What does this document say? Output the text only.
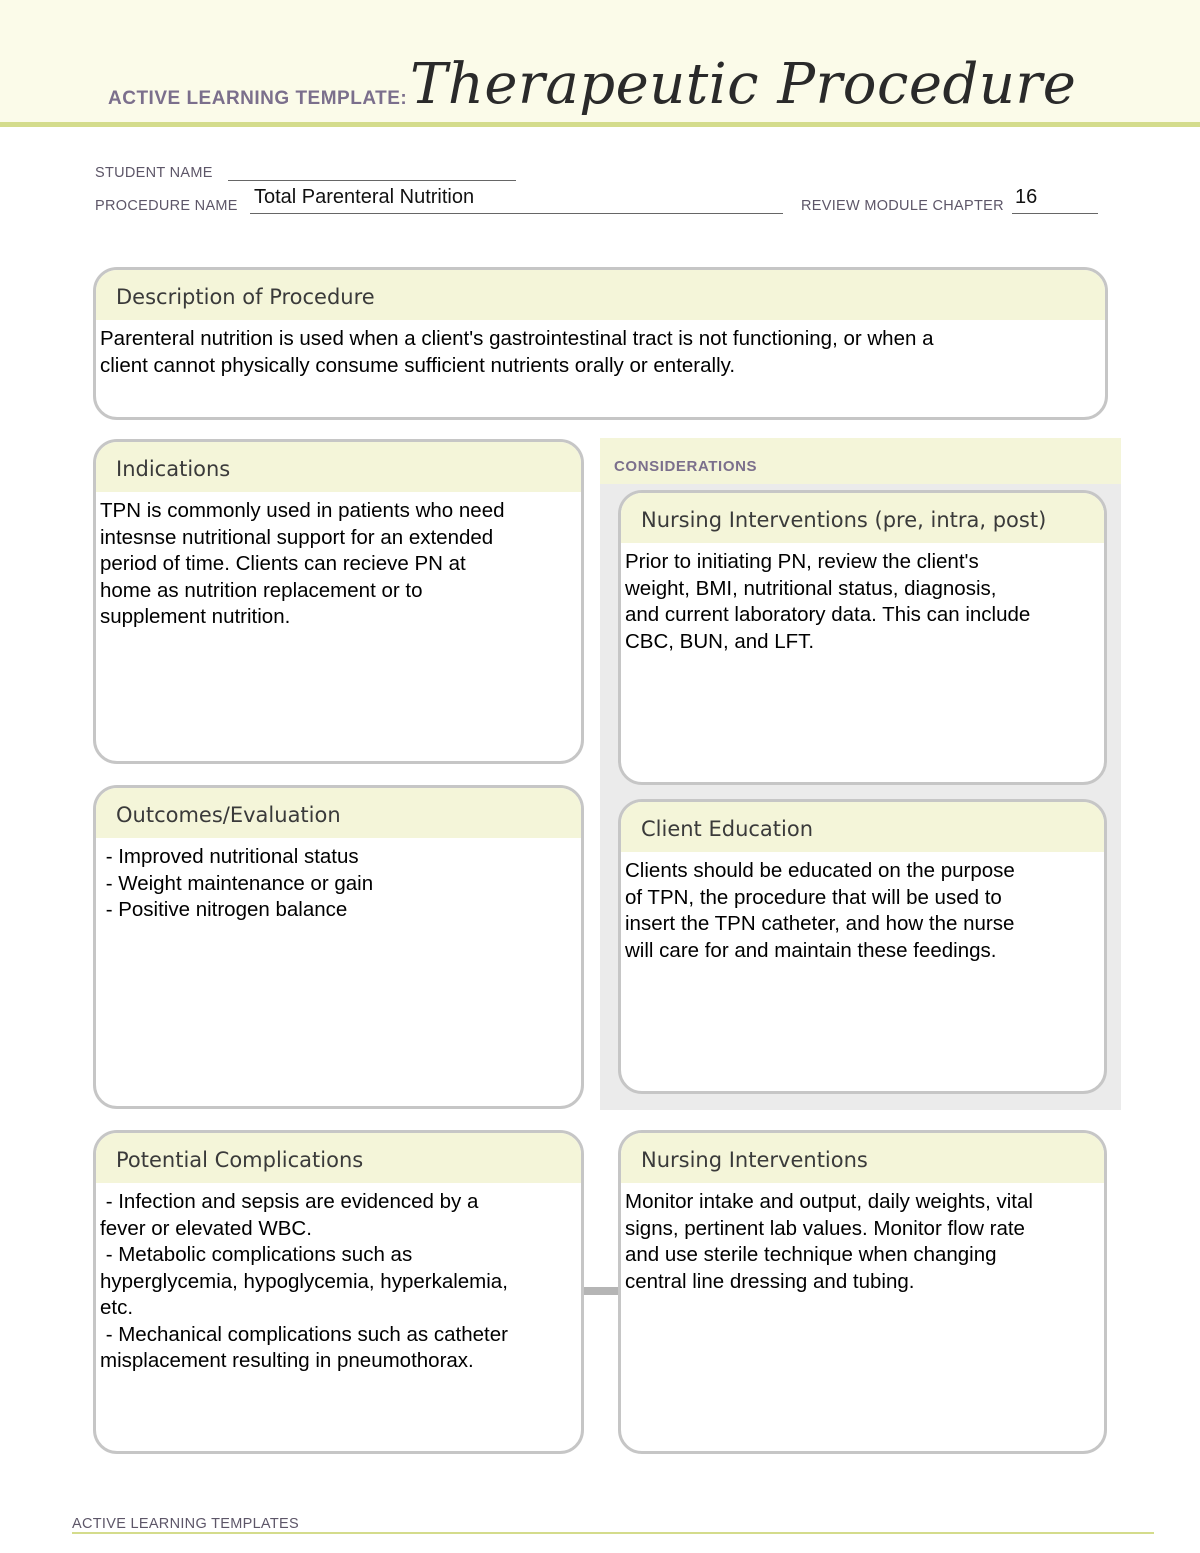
ACTIVE LEARNING TEMPLATE: Therapeutic Procedure
STUDENT NAME
PROCEDURE NAME Total Parenteral Nutrition	REVIEW MODULE CHAPTER 16
Description of Procedure
Parenteral nutrition is used when a client's gastrointestinal tract is not functioning, or when a
client cannot physically consume sufficient nutrients orally or enterally.
CONSIDERATIONS
Indications
TPN is commonly used in patients who need
intesnse nutritional support for an extended
period of time. Clients can recieve PN at
home as nutrition replacement or to
supplement nutrition.
Nursing Interventions (pre, intra, post)
Prior to initiating PN, review the client's
weight, BMI, nutritional status, diagnosis,
and current laboratory data. This can include
CBC, BUN, and LFT.
Outcomes/Evaluation
- Improved nutritional status
- Weight maintenance or gain
- Positive nitrogen balance
Client Education
Clients should be educated on the purpose
of TPN, the procedure that will be used to
insert the TPN catheter, and how the nurse
will care for and maintain these feedings.
Potential Complications
- Infection and sepsis are evidenced by a
fever or elevated WBC.
- Metabolic complications such as
hyperglycemia, hypoglycemia, hyperkalemia,
etc.
- Mechanical complications such as catheter
misplacement resulting in pneumothorax.
Nursing Interventions
Monitor intake and output, daily weights, vital
signs, pertinent lab values. Monitor flow rate
and use sterile technique when changing
central line dressing and tubing.
ACTIVE LEARNING TEMPLATES
